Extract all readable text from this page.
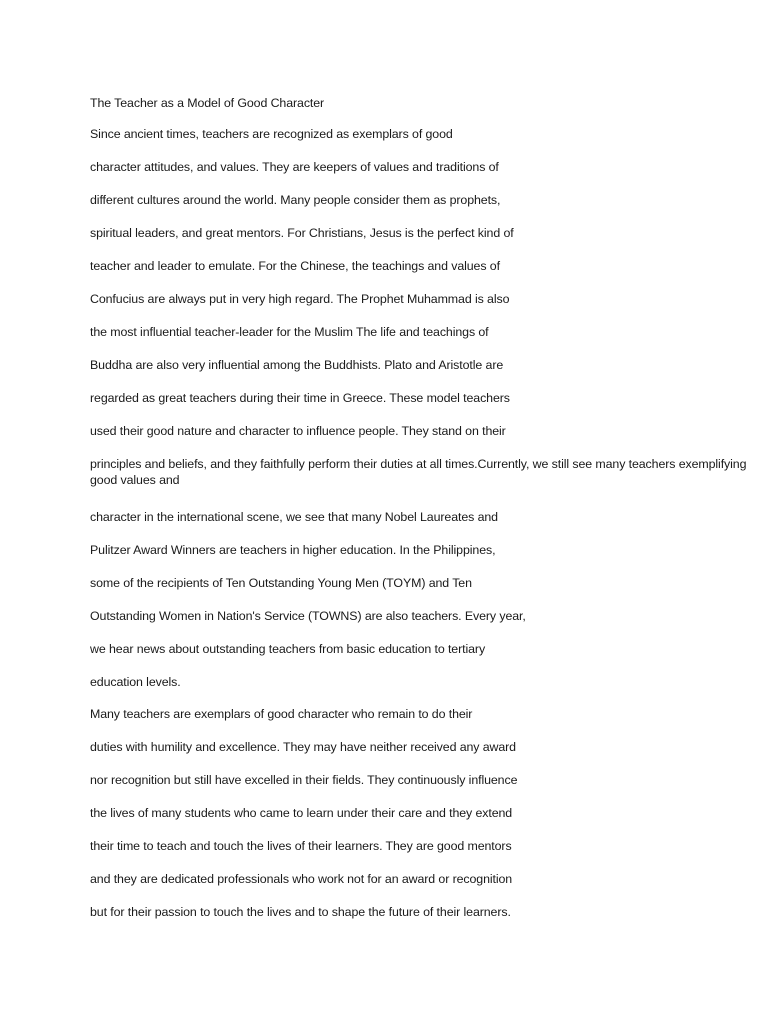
The Teacher as a Model of Good Character
Since ancient times, teachers are recognized as exemplars of good
character attitudes, and values. They are keepers of values and traditions of
different cultures around the world. Many people consider them as prophets,
spiritual leaders, and great mentors. For Christians, Jesus is the perfect kind of
teacher and leader to emulate. For the Chinese, the teachings and values of
Confucius are always put in very high regard. The Prophet Muhammad is also
the most influential teacher-leader for the Muslim The life and teachings of
Buddha are also very influential among the Buddhists. Plato and Aristotle are
regarded as great teachers during their time in Greece. These model teachers
used their good nature and character to influence people. They stand on their
principles and beliefs, and they faithfully perform their duties at all times.Currently, we still see many teachers exemplifying good values and
character in the international scene, we see that many Nobel Laureates and
Pulitzer Award Winners are teachers in higher education. In the Philippines,
some of the recipients of Ten Outstanding Young Men (TOYM) and Ten
Outstanding Women in Nation's Service (TOWNS) are also teachers. Every year,
we hear news about outstanding teachers from basic education to tertiary
education levels.
Many teachers are exemplars of good character who remain to do their
duties with humility and excellence. They may have neither received any award
nor recognition but still have excelled in their fields. They continuously influence
the lives of many students who came to learn under their care and they extend
their time to teach and touch the lives of their learners. They are good mentors
and they are dedicated professionals who work not for an award or recognition
but for their passion to touch the lives and to shape the future of their learners.
